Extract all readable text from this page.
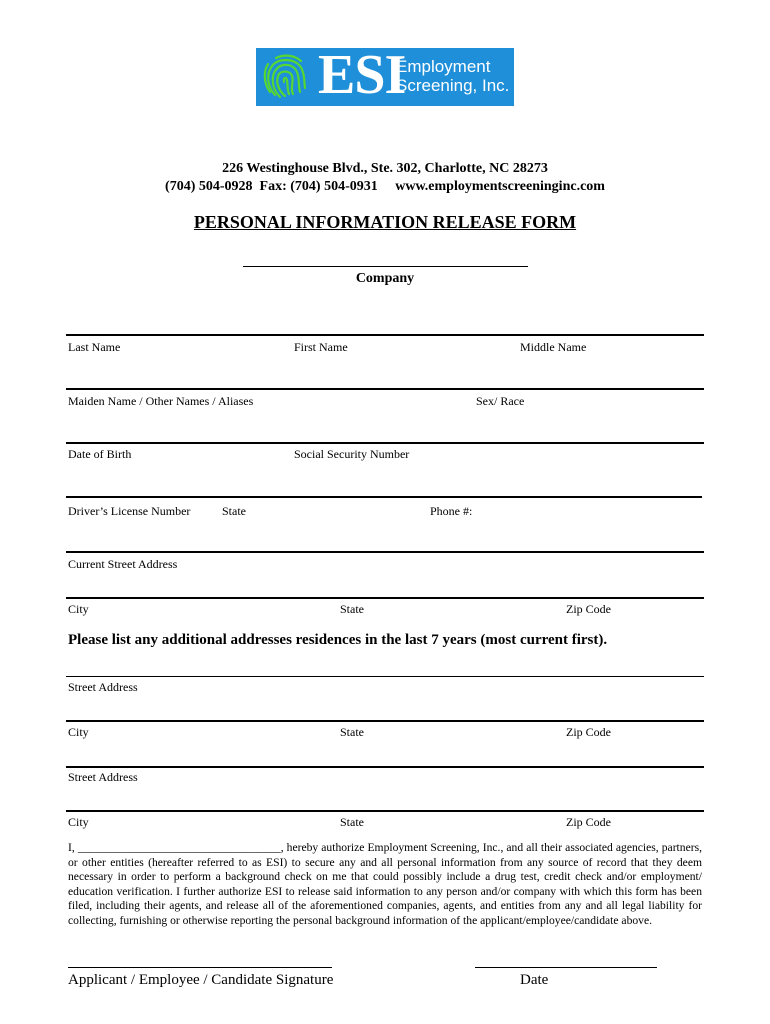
ESI
Employment
Screening, Inc.
226 Westinghouse Blvd., Ste. 302, Charlotte, NC 28273
(704) 504-0928  Fax: (704) 504-0931     www.employmentscreeninginc.com
PERSONAL INFORMATION RELEASE FORM
Company
Last Name	First Name	Middle Name
Maiden Name / Other Names / Aliases	Sex/ Race
Date of Birth	Social Security Number
Driver’s License Number	State	Phone #:
Current Street Address
City	State	Zip Code
Please list any additional addresses residences in the last 7 years (most current first).
Street Address
City	State	Zip Code
Street Address
City	State	Zip Code
I, ___________________________________, hereby authorize Employment Screening, Inc., and all their associated agencies, partners, or other entities (hereafter referred to as ESI) to secure any and all personal information from any source of record that they deem necessary in order to perform a background check on me that could possibly include a drug test, credit check and/or employment/ education verification. I further authorize ESI to release said information to any person and/or company with which this form has been filed, including their agents, and release all of the aforementioned companies, agents, and entities from any and all legal liability for collecting, furnishing or otherwise reporting the personal background information of the applicant/employee/candidate above.
Applicant / Employee / Candidate Signature	Date
